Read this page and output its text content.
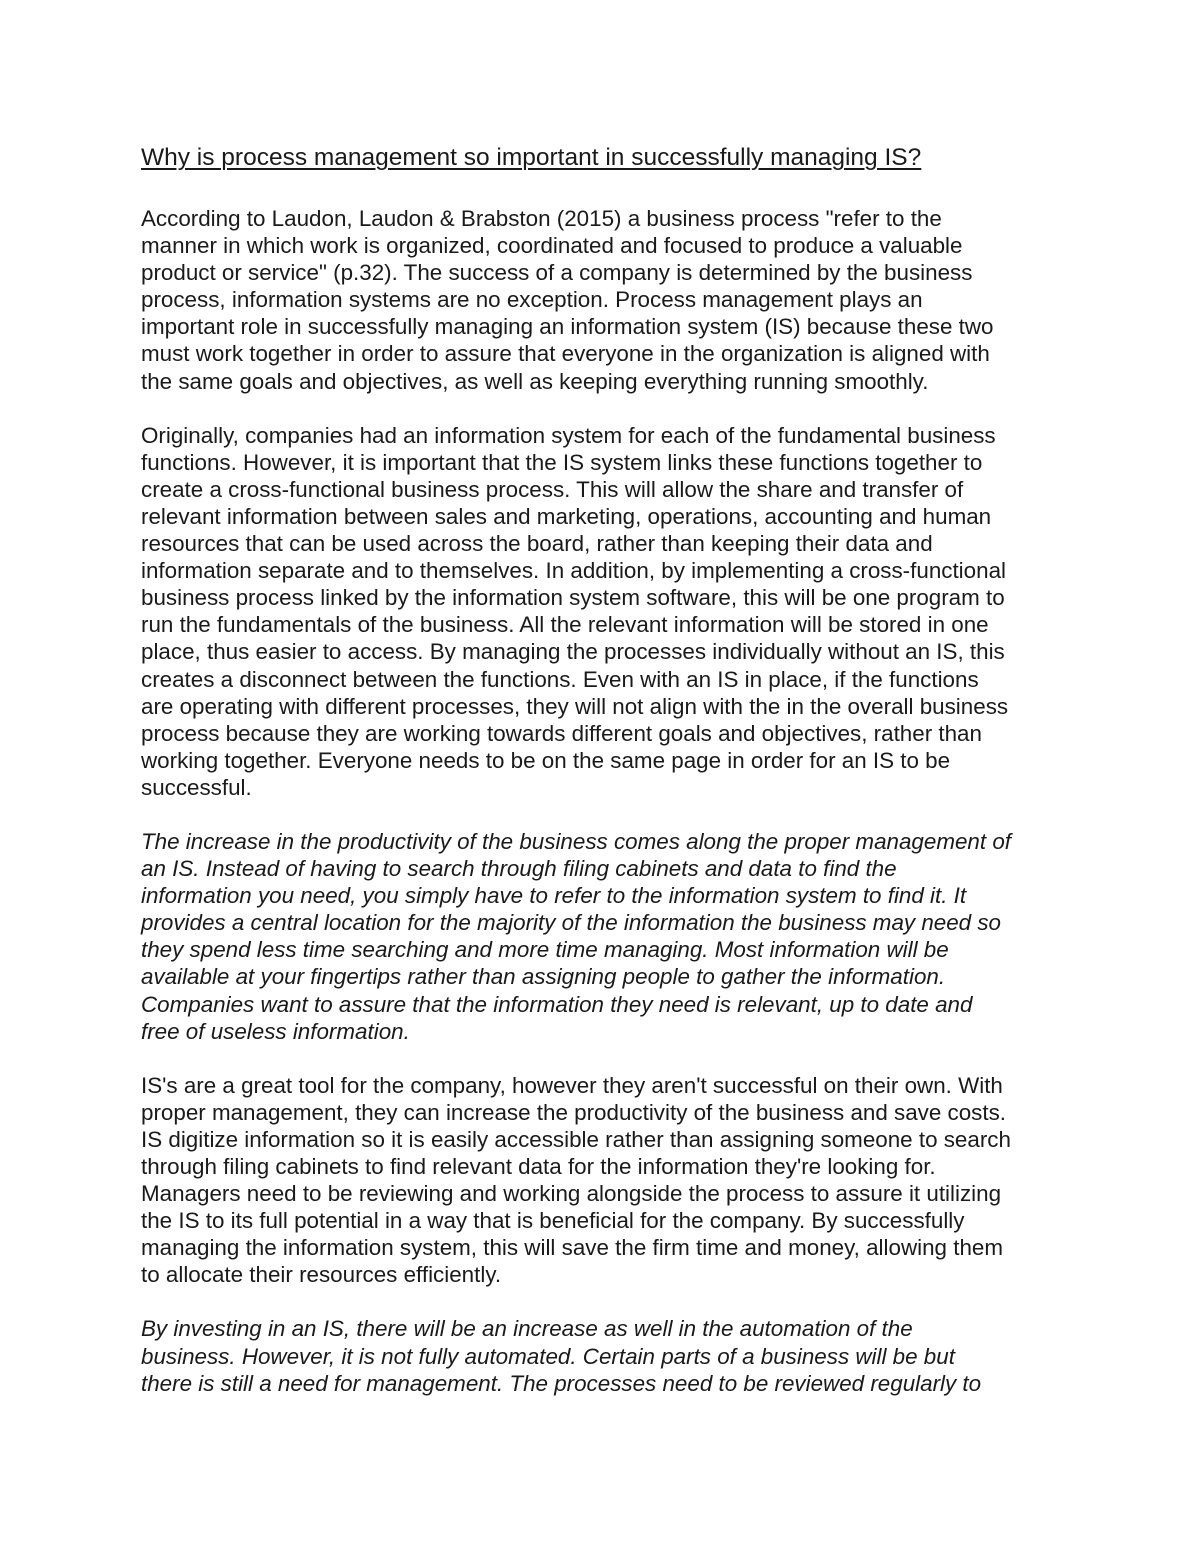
Why is process management so important in successfully managing IS?
According to Laudon, Laudon & Brabston (2015) a business process "refer to the
manner in which work is organized, coordinated and focused to produce a valuable
product or service" (p.32). The success of a company is determined by the business
process, information systems are no exception. Process management plays an
important role in successfully managing an information system (IS) because these two
must work together in order to assure that everyone in the organization is aligned with
the same goals and objectives, as well as keeping everything running smoothly.
Originally, companies had an information system for each of the fundamental business
functions. However, it is important that the IS system links these functions together to
create a cross-functional business process. This will allow the share and transfer of
relevant information between sales and marketing, operations, accounting and human
resources that can be used across the board, rather than keeping their data and
information separate and to themselves. In addition, by implementing a cross-functional
business process linked by the information system software, this will be one program to
run the fundamentals of the business. All the relevant information will be stored in one
place, thus easier to access. By managing the processes individually without an IS, this
creates a disconnect between the functions. Even with an IS in place, if the functions
are operating with different processes, they will not align with the in the overall business
process because they are working towards different goals and objectives, rather than
working together. Everyone needs to be on the same page in order for an IS to be
successful.
The increase in the productivity of the business comes along the proper management of
an IS. Instead of having to search through filing cabinets and data to find the
information you need, you simply have to refer to the information system to find it. It
provides a central location for the majority of the information the business may need so
they spend less time searching and more time managing. Most information will be
available at your fingertips rather than assigning people to gather the information.
Companies want to assure that the information they need is relevant, up to date and
free of useless information.
IS's are a great tool for the company, however they aren't successful on their own. With
proper management, they can increase the productivity of the business and save costs.
IS digitize information so it is easily accessible rather than assigning someone to search
through filing cabinets to find relevant data for the information they're looking for.
Managers need to be reviewing and working alongside the process to assure it utilizing
the IS to its full potential in a way that is beneficial for the company. By successfully
managing the information system, this will save the firm time and money, allowing them
to allocate their resources efficiently.
By investing in an IS, there will be an increase as well in the automation of the
business. However, it is not fully automated. Certain parts of a business will be but
there is still a need for management. The processes need to be reviewed regularly to
